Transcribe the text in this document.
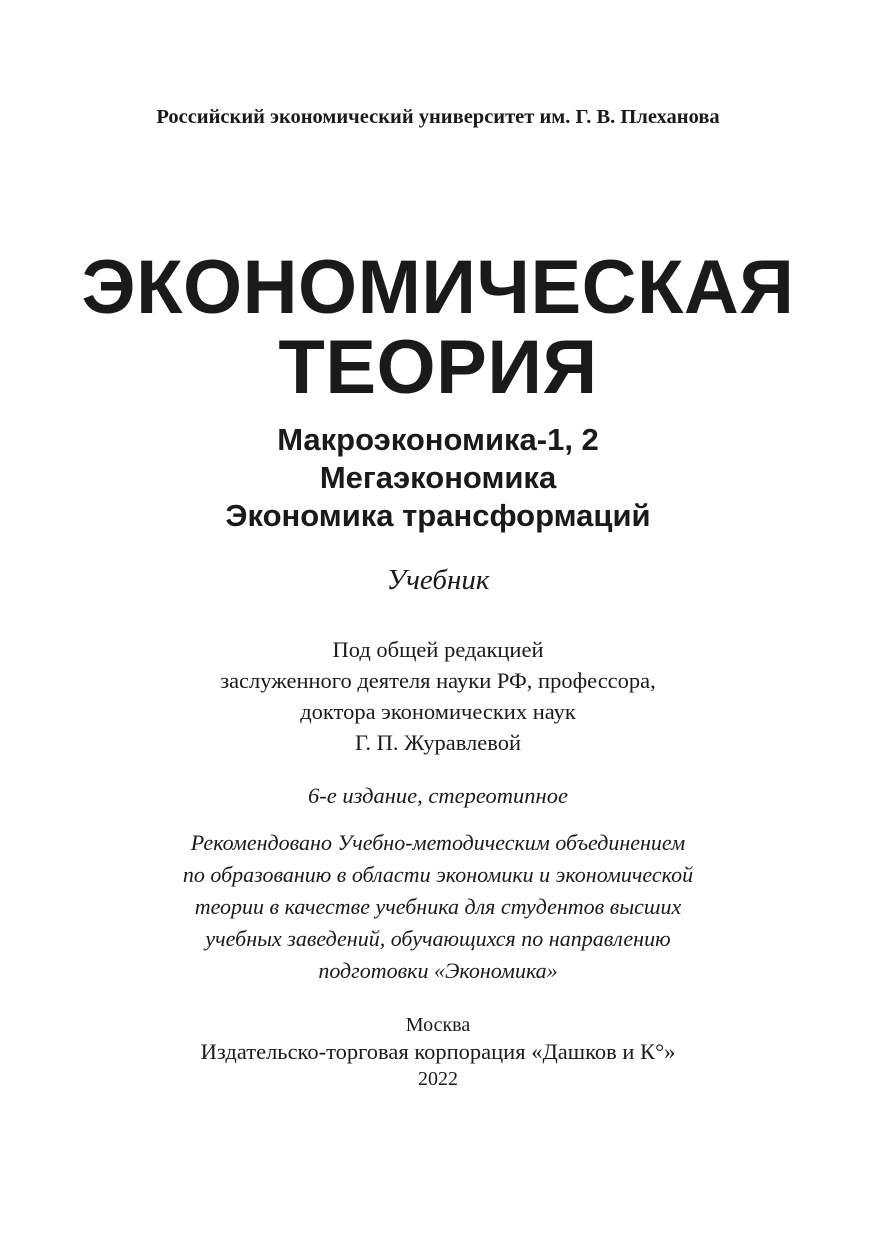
Российский экономический университет им. Г. В. Плеханова
ЭКОНОМИЧЕСКАЯ
ТЕОРИЯ
Макроэкономика-1, 2
Мегаэкономика
Экономика трансформаций
Учебник
Под общей редакцией
заслуженного деятеля науки РФ, профессора,
доктора экономических наук
Г. П. Журавлевой
6-е издание, стереотипное
Рекомендовано Учебно-методическим объединением
по образованию в области экономики и экономической
теории в качестве учебника для студентов высших
учебных заведений, обучающихся по направлению
подготовки «Экономика»
Москва
Издательско-торговая корпорация «Дашков и К°»
2022
